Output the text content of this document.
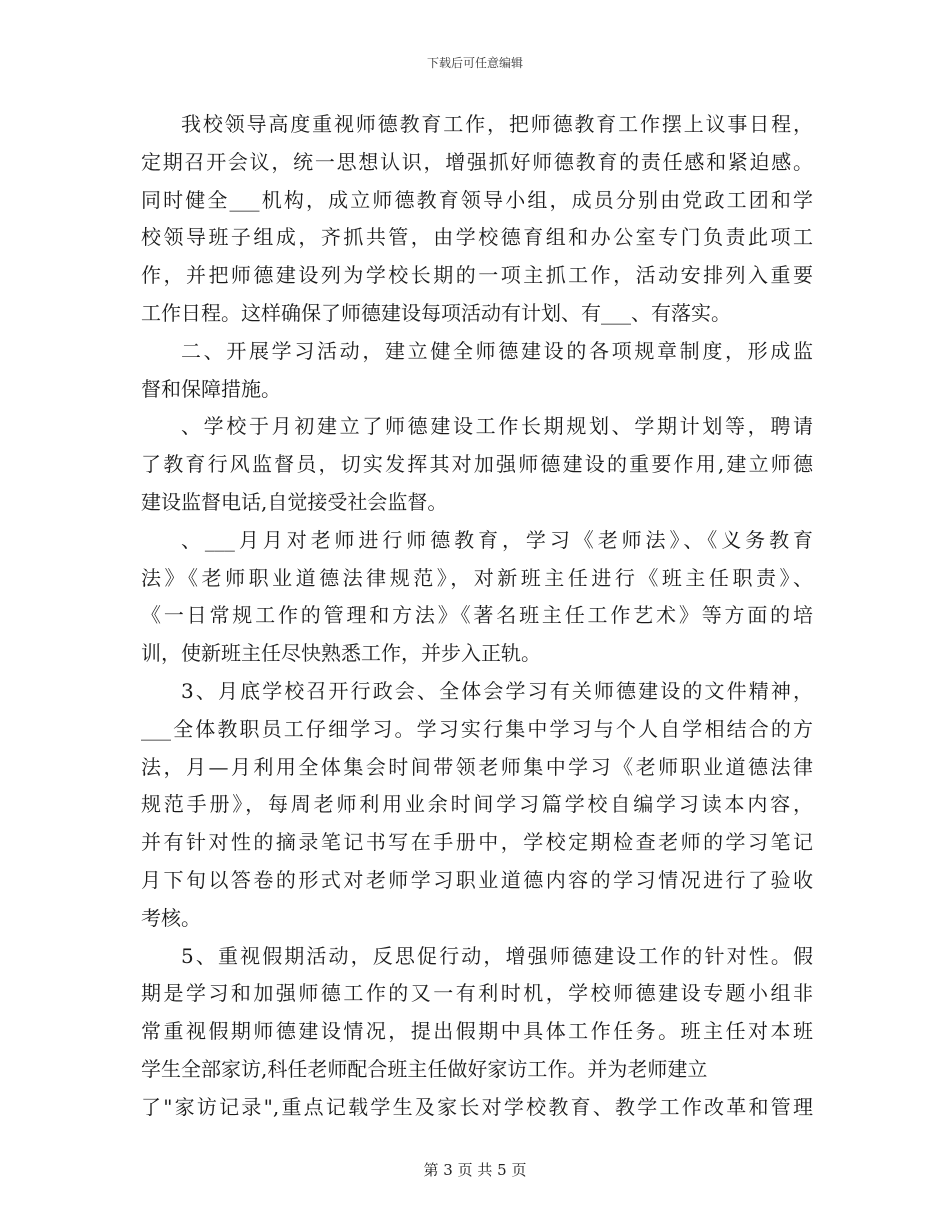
下载后可任意编辑
我校领导高度重视师德教育工作，把师德教育工作摆上议事日程，
定期召开会议，统一思想认识，增强抓好师德教育的责任感和紧迫感。
同时健全___机构，成立师德教育领导小组，成员分别由党政工团和学
校领导班子组成，齐抓共管，由学校德育组和办公室专门负责此项工
作，并把师德建设列为学校长期的一项主抓工作，活动安排列入重要
工作日程。这样确保了师德建设每项活动有计划、有___、有落实。
二、开展学习活动，建立健全师德建设的各项规章制度，形成监
督和保障措施。
、学校于月初建立了师德建设工作长期规划、学期计划等，聘请
了教育行风监督员，切实发挥其对加强师德建设的重要作用,建立师德
建设监督电话,自觉接受社会监督。
、___月月对老师进行师德教育，学习《老师法》、《义务教育
法》《老师职业道德法律规范》，对新班主任进行《班主任职责》、
《一日常规工作的管理和方法》《著名班主任工作艺术》等方面的培
训，使新班主任尽快熟悉工作，并步入正轨。
3、月底学校召开行政会、全体会学习有关师德建设的文件精神，
___全体教职员工仔细学习。学习实行集中学习与个人自学相结合的方
法，月—月利用全体集会时间带领老师集中学习《老师职业道德法律
规范手册》，每周老师利用业余时间学习篇学校自编学习读本内容，
并有针对性的摘录笔记书写在手册中，学校定期检查老师的学习笔记
月下旬以答卷的形式对老师学习职业道德内容的学习情况进行了验收
考核。
5、重视假期活动，反思促行动，增强师德建设工作的针对性。假
期是学习和加强师德工作的又一有利时机，学校师德建设专题小组非
常重视假期师德建设情况，提出假期中具体工作任务。班主任对本班
学生全部家访,科任老师配合班主任做好家访工作。并为老师建立
了"家访记录",重点记载学生及家长对学校教育、教学工作改革和管理
第 3 页 共 5 页
